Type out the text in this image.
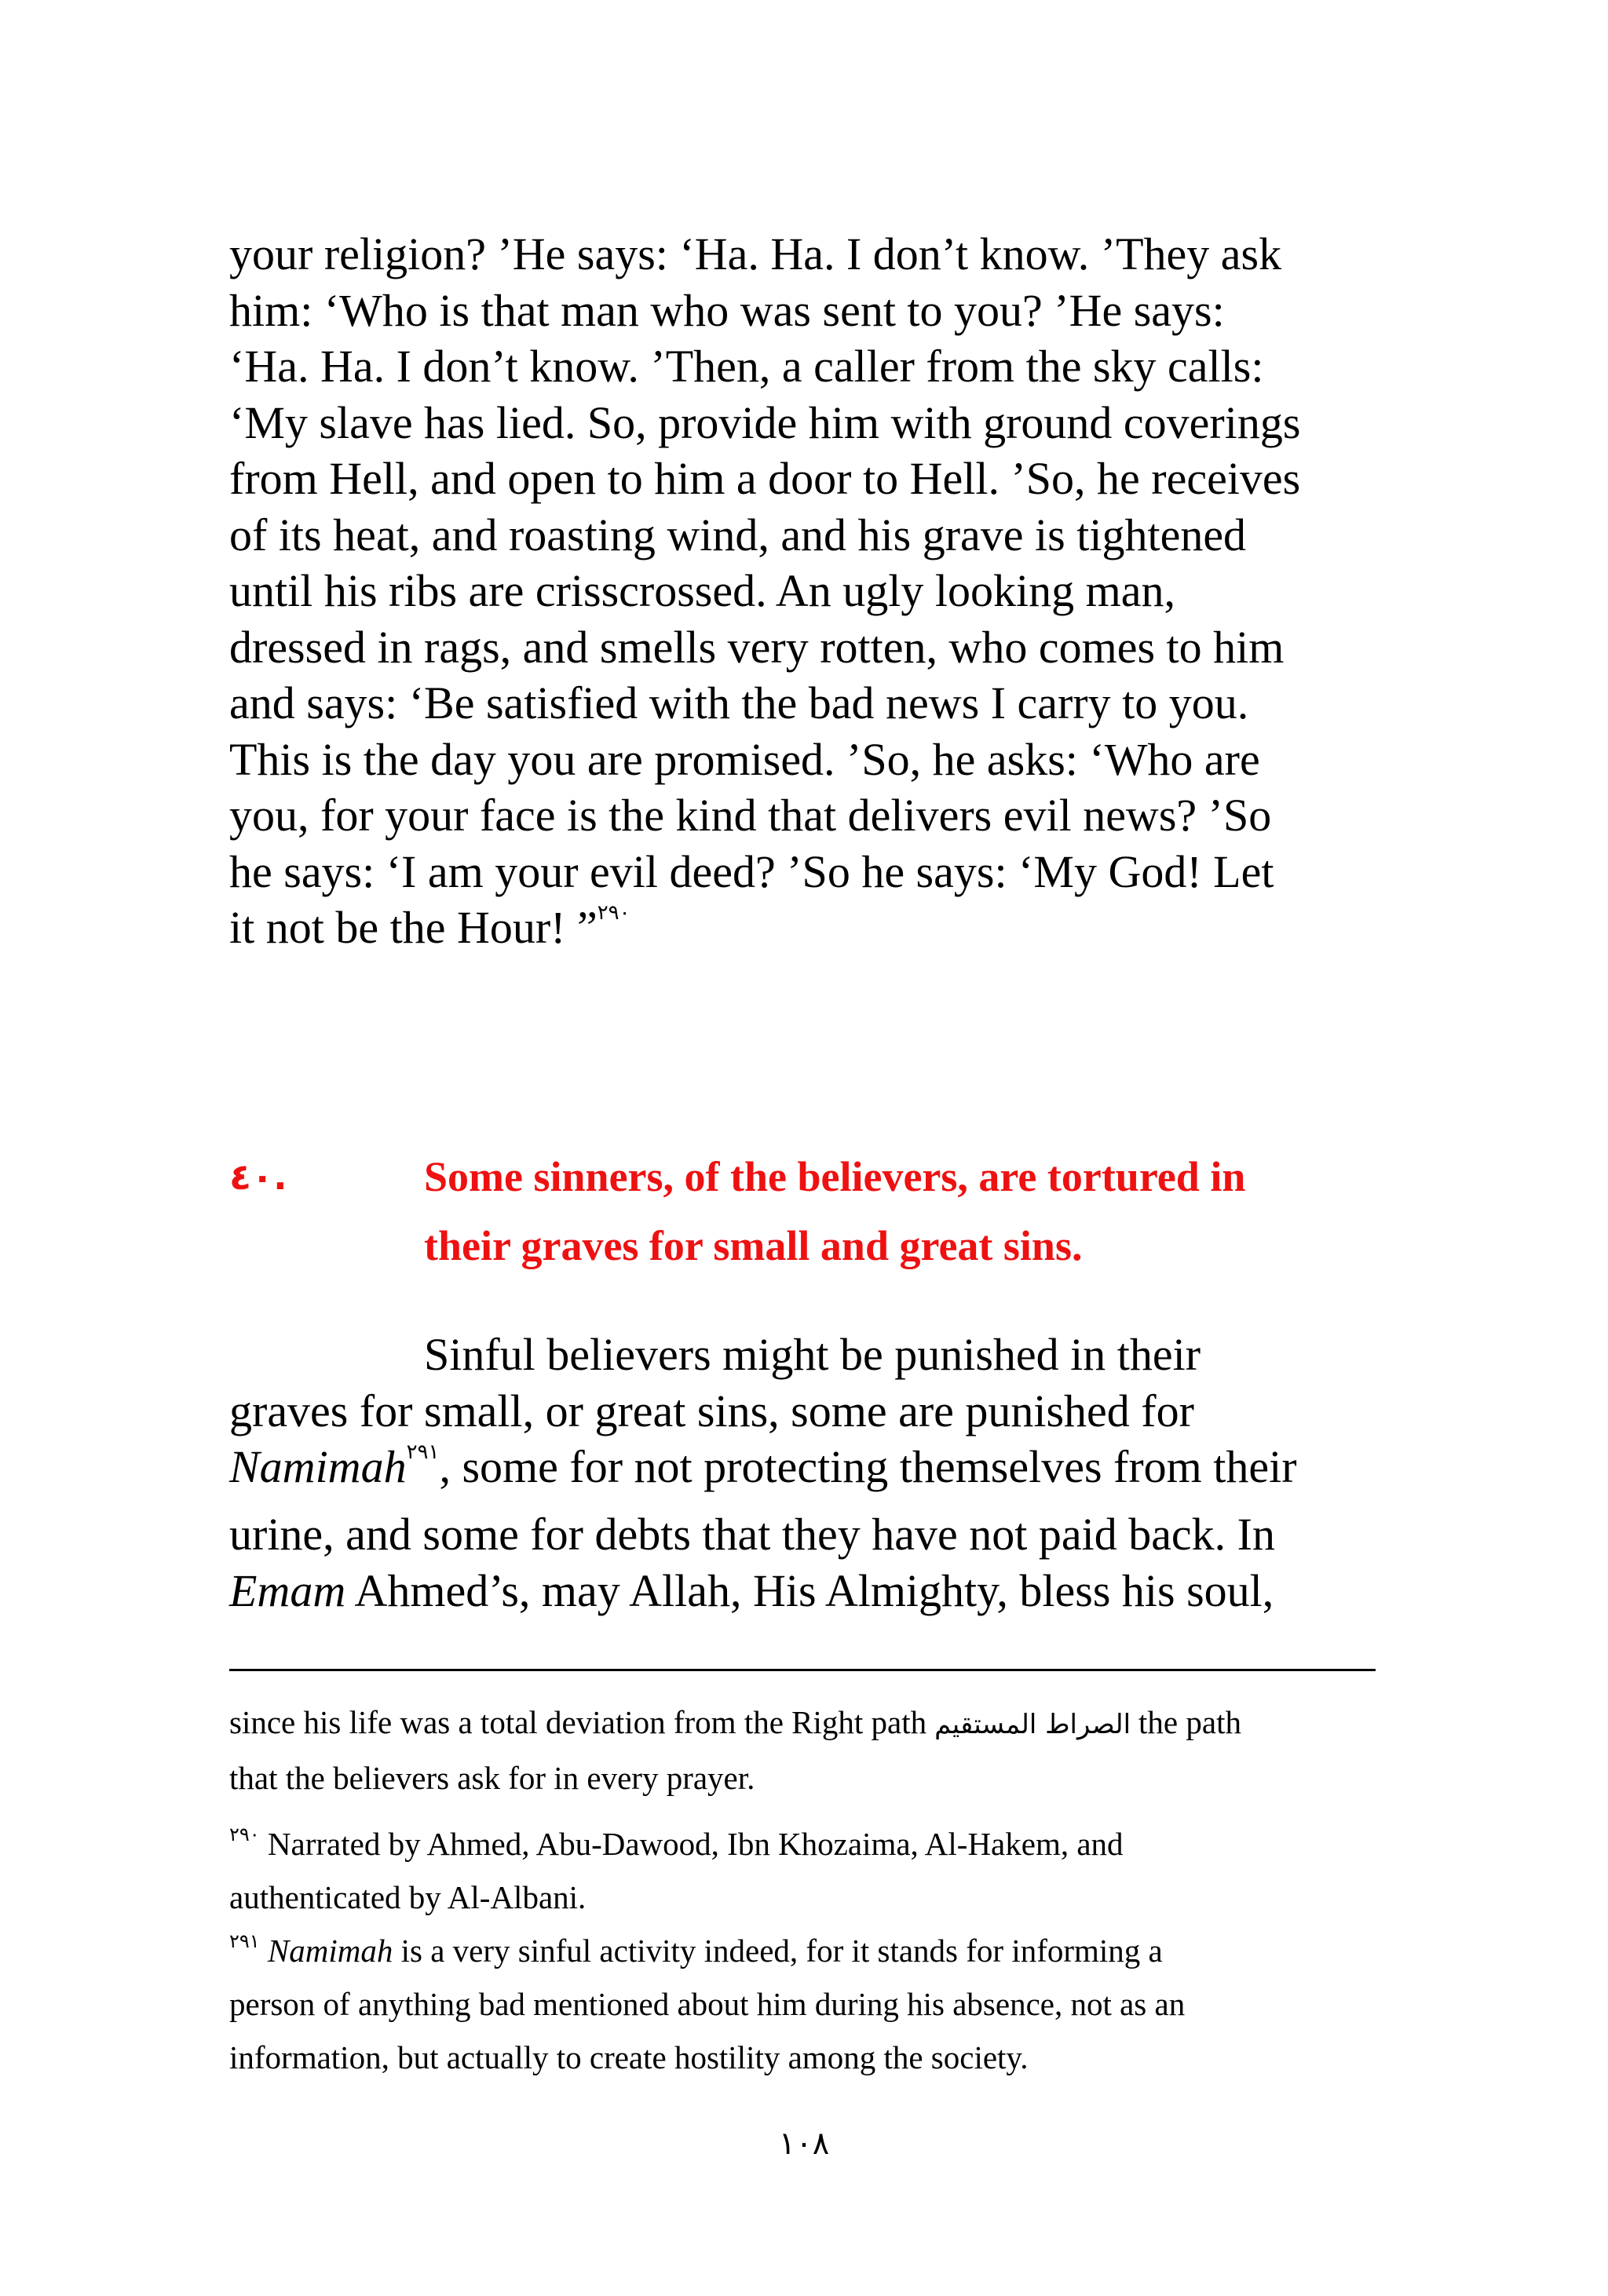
your religion? ’He says: ‘Ha. Ha. I don’t know. ’They ask
him: ‘Who is that man who was sent to you? ’He says:
‘Ha. Ha. I don’t know. ’Then, a caller from the sky calls:
‘My slave has lied. So, provide him with ground coverings
from Hell, and open to him a door to Hell. ’So, he receives
of its heat, and roasting wind, and his grave is tightened
until his ribs are crisscrossed. An ugly looking man,
dressed in rags, and smells very rotten, who comes to him
and says: ‘Be satisfied with the bad news I carry to you.
This is the day you are promised. ’So, he asks: ‘Who are
you, for your face is the kind that delivers evil news? ’So
he says: ‘I am your evil deed? ’So he says: ‘My God! Let
it not be the Hour! ”$^{٢٩٠}$
٤٠.	Some sinners, of the believers, are tortured in
their graves for small and great sins.
Sinful believers might be punished in their
graves for small, or great sins, some are punished for
Namimah$^{٢٩١}$, some for not protecting themselves from their
urine, and some for debts that they have not paid back. In
Emam Ahmed’s, may Allah, His Almighty, bless his soul,
since his life was a total deviation from the Right path الصراط المستقيم the path
that the believers ask for in every prayer.
$^{٢٩٠}$ Narrated by Ahmed, Abu-Dawood, Ibn Khozaima, Al-Hakem, and
authenticated by Al-Albani.
$^{٢٩١}$ Namimah is a very sinful activity indeed, for it stands for informing a
person of anything bad mentioned about him during his absence, not as an
information, but actually to create hostility among the society.
١٠٨
